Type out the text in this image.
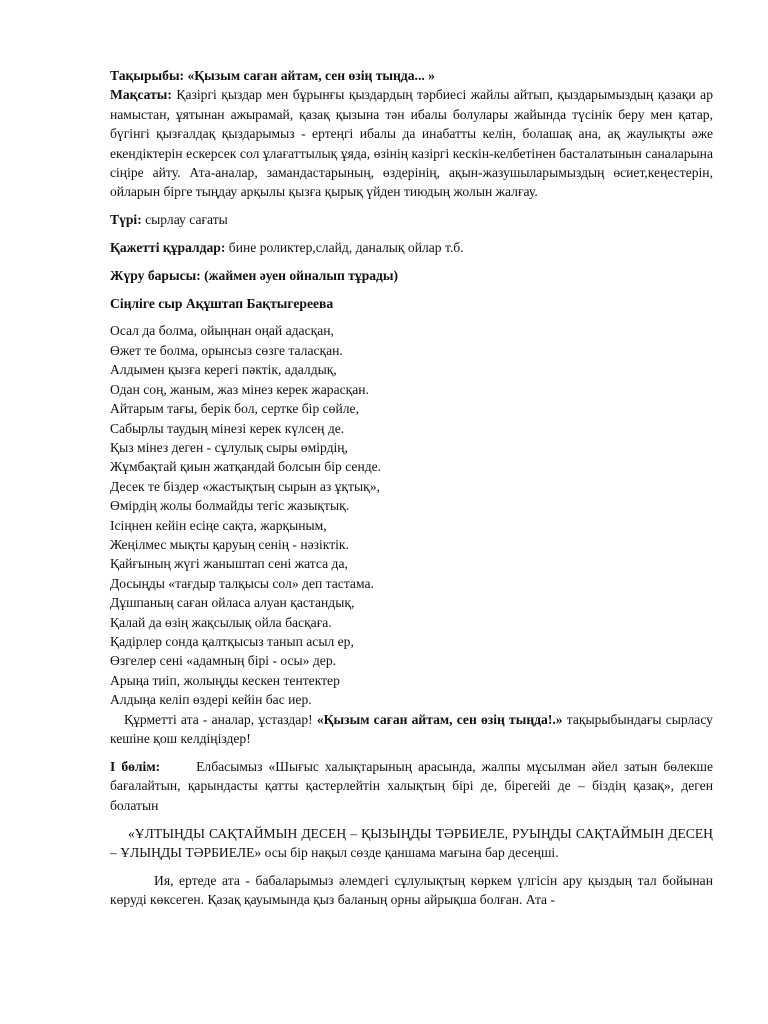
Тақырыбы: «Қызым саған айтам, сен өзің тыңда... »

Мақсаты: Қазіргі қыздар мен бұрынғы қыздардың тәрбиесі жайлы айтып, қыздарымыздың қазақи ар намыстан, ұятынан ажырамай, қазақ қызына тән ибалы болулары жайында түсінік беру мен қатар, бүгінгі қызғалдақ қыздарымыз - ертеңгі ибалы да инабатты келін, болашақ ана, ақ жаулықты әже екендіктерін ескерсек сол ұлағаттылық ұяда, өзінің казіргі кескін-келбетінен басталатынын саналарына сіңіре айту. Ата-аналар, замандастарының, өздерінің, ақын-жазушыларымыздың өсиет,кеңестерін, ойларын бірге тыңдау арқылы қызға қырық үйден тиюдың жолын жалғау.

Түрі: сырлау сағаты

Қажетті құралдар: бине роликтер,слайд, даналық ойлар т.б.

Жүру барысы: (жаймен әуен ойналып тұрады)

Сіңліге сыр Ақұштап Бақтыгереева

Осал да болма, ойыңнан оңай адасқан,
Өжет те болма, орынсыз сөзге таласқан.
Алдымен қызға керегі пәктік, адалдық,
Одан соң, жаным, жаз мінез керек жарасқан.
Айтарым тағы, берік бол, сертке бір сөйле,
Сабырлы таудың мінезі керек күлсең де.
Қыз мінез деген - сұлулық сыры өмірдің,
Жұмбақтай қиын жатқандай болсын бір сенде.
Десек те біздер «жастықтың сырын аз ұқтық»,
Өмірдің жолы болмайды тегіс жазықтық.
Ісіңнен кейін есіңе сақта, жарқыным,
Жеңілмес мықты қаруың сенің - нәзіктік.
Қайғының жүгі жаныштап сені жатса да,
Досыңды «тағдыр талқысы сол» деп тастама.
Дұшпаның саған ойласа алуан қастандық,
Қалай да өзің жақсылық ойла басқаға.
Қадірлер сонда қалтқысыз танып асыл ер,
Өзгелер сені «адамның бірі - осы» дер.
Арыңа тиіп, жолыңды кескен тентектер
Алдыңа келіп өздері кейін бас иер.

Құрметті ата - аналар, ұстаздар! «Қызым саған айтам, сен өзің тыңда!.» тақырыбындағы сырласу кешіне қош келдіңіздер!

І бөлім:	Елбасымыз «Шығыс халықтарының арасында, жалпы мұсылман әйел затын бөлекше бағалайтын, қарындасты қатты қастерлейтін халықтың бірі де, бірегейі де – біздің қазақ», деген болатын

«ҰЛТЫҢДЫ САҚТАЙМЫН ДЕСЕҢ – ҚЫЗЫҢДЫ ТӘРБИЕЛЕ, РУЫҢДЫ САҚТАЙМЫН ДЕСЕҢ – ҰЛЫҢДЫ ТӘРБИЕЛЕ» осы бір нақыл сөзде қаншама мағына бар десеңші.

Ия, ертеде ата - бабаларымыз әлемдегі сұлулықтың көркем үлгісін ару қыздың тал бойынан көруді көксеген. Қазақ қауымында қыз баланың орны айрықша болған. Ата -
